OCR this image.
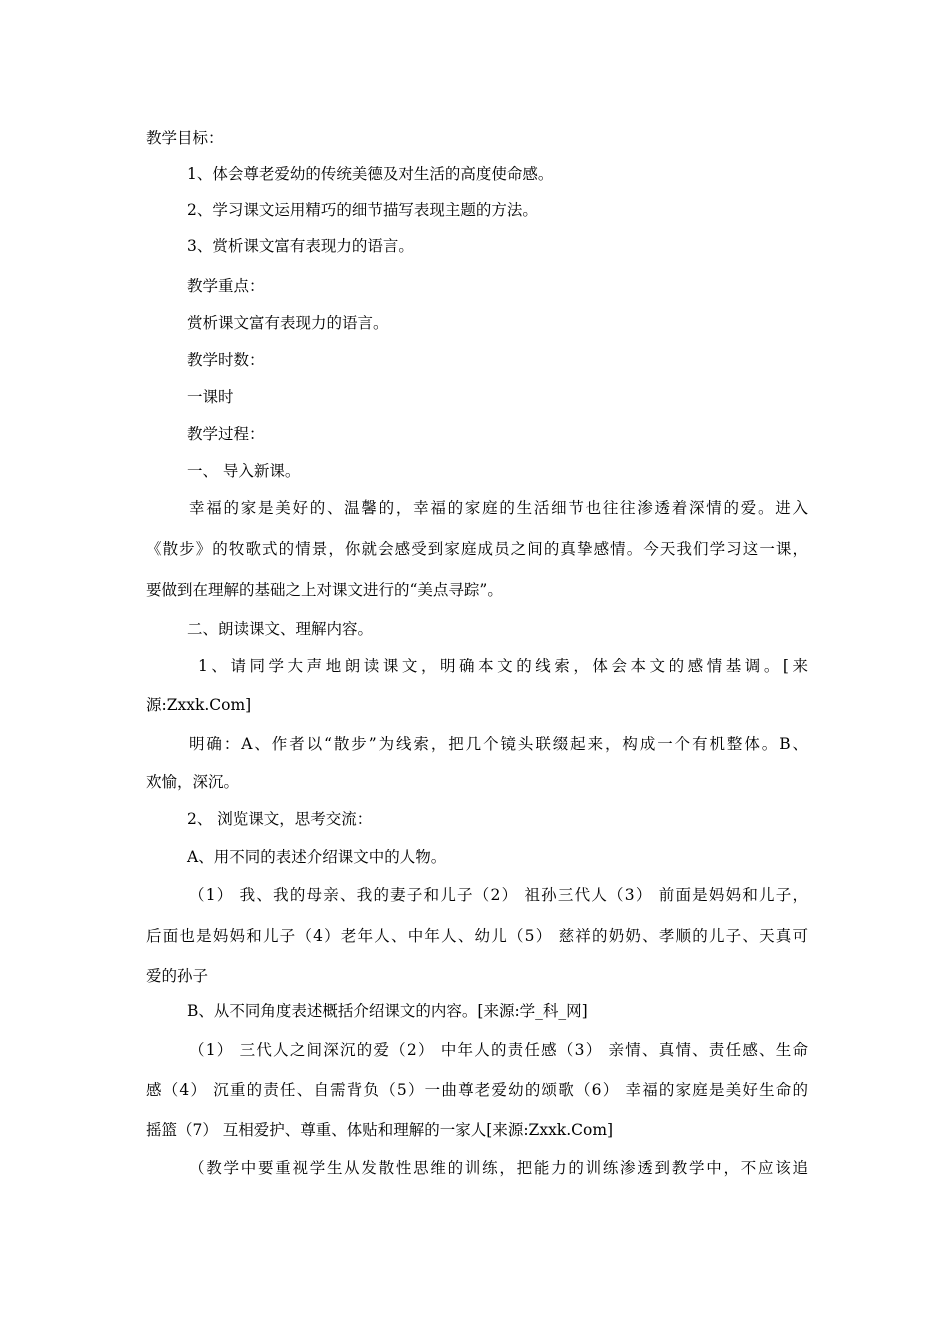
教学目标：
1、体会尊老爱幼的传统美德及对生活的高度使命感。
2、学习课文运用精巧的细节描写表现主题的方法。
3、赏析课文富有表现力的语言。
教学重点：
赏析课文富有表现力的语言。
教学时数：
一课时
教学过程：
一、 导入新课。
幸福的家是美好的、温馨的，幸福的家庭的生活细节也往往渗透着深情的爱。进入
《散步》的牧歌式的情景，你就会感受到家庭成员之间的真挚感情。今天我们学习这一课，
要做到在理解的基础之上对课文进行的“美点寻踪”。
二、朗读课文、理解内容。
1、请同学大声地朗读课文，明确本文的线索，体会本文的感情基调。[来
源:Zxxk.Com]
明确：A、作者以“散步”为线索，把几个镜头联缀起来，构成一个有机整体。B、
欢愉，深沉。
2、 浏览课文，思考交流：
A、用不同的表述介绍课文中的人物。
（1） 我、我的母亲、我的妻子和儿子（2） 祖孙三代人（3） 前面是妈妈和儿子，
后面也是妈妈和儿子（4）老年人、中年人、幼儿（5） 慈祥的奶奶、孝顺的儿子、天真可
爱的孙子
B、从不同角度表述概括介绍课文的内容。[来源:学_科_网]
（1） 三代人之间深沉的爱（2） 中年人的责任感（3） 亲情、真情、责任感、生命
感（4） 沉重的责任、自需背负（5）一曲尊老爱幼的颂歌（6） 幸福的家庭是美好生命的
摇篮（7） 互相爱护、尊重、体贴和理解的一家人[来源:Zxxk.Com]
（教学中要重视学生从发散性思维的训练，把能力的训练渗透到教学中，不应该追
